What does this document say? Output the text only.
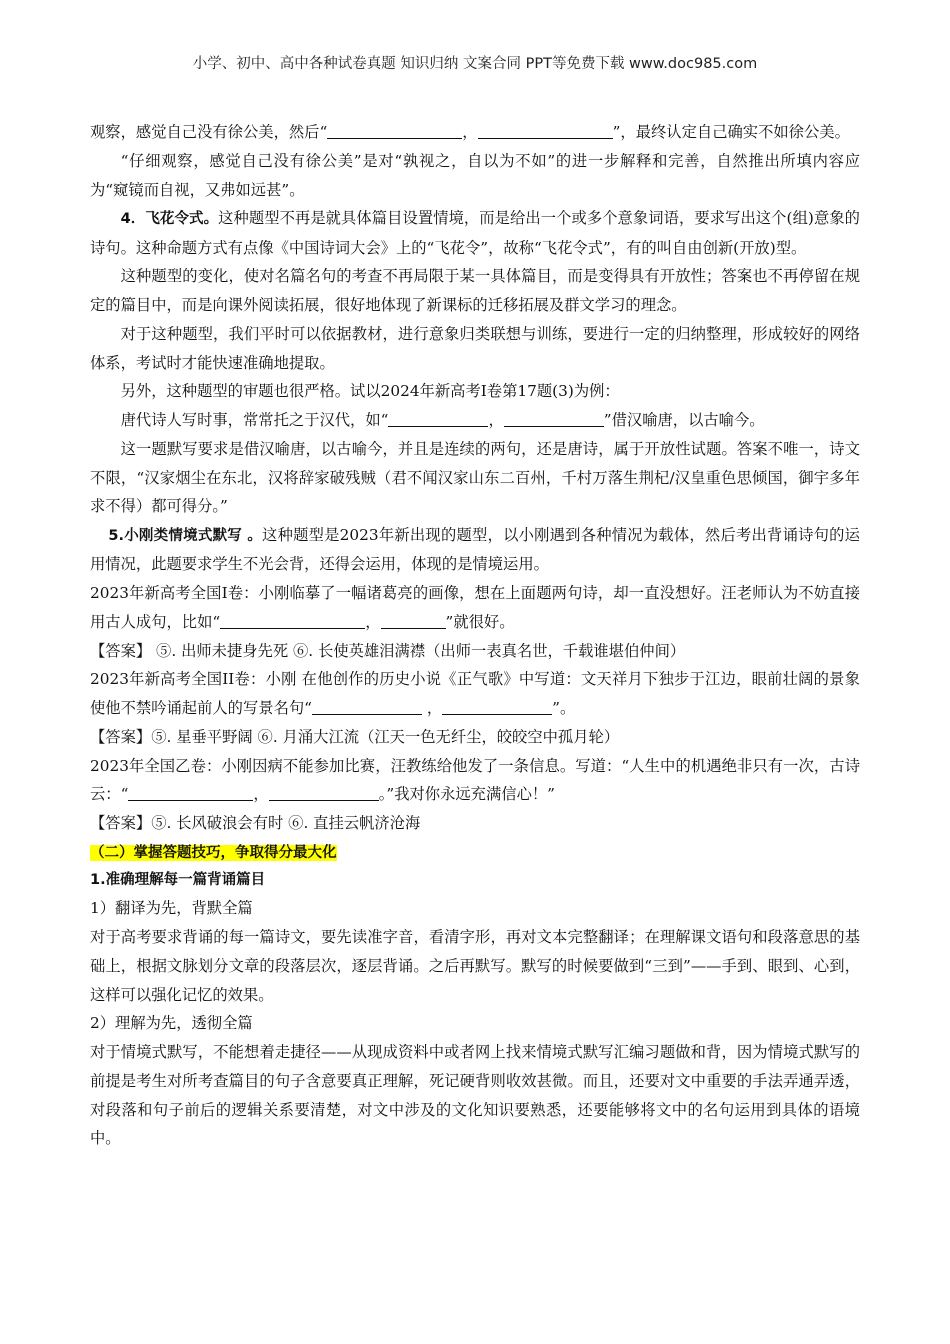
小学、初中、高中各种试卷真题 知识归纳 文案合同 PPT等免费下载 www.doc985.com

观察，感觉自己没有徐公美，然后“	，	”，最终认定自己确实不如徐公美。

“仔细观察，感觉自己没有徐公美”是对“孰视之，自以为不如”的进一步解释和完善，自然推出所填内容应为“窥镜而自视，又弗如远甚”。

4．飞花令式。这种题型不再是就具体篇目设置情境，而是给出一个或多个意象词语，要求写出这个(组)意象的诗句。这种命题方式有点像《中国诗词大会》上的“飞花令”，故称“飞花令式”，有的叫自由创新(开放)型。

这种题型的变化，使对名篇名句的考查不再局限于某一具体篇目，而是变得具有开放性；答案也不再停留在规定的篇目中，而是向课外阅读拓展，很好地体现了新课标的迁移拓展及群文学习的理念。

对于这种题型，我们平时可以依据教材，进行意象归类联想与训练，要进行一定的归纳整理，形成较好的网络体系，考试时才能快速准确地提取。

另外，这种题型的审题也很严格。试以2024年新高考Ⅰ卷第17题(3)为例：

唐代诗人写时事，常常托之于汉代，如“	，	”借汉喻唐，以古喻今。

这一题默写要求是借汉喻唐，以古喻今，并且是连续的两句，还是唐诗，属于开放性试题。答案不唯一，诗文不限，“汉家烟尘在东北，汉将辞家破残贼（君不闻汉家山东二百州，千村万落生荆杞/汉皇重色思倾国，御宇多年求不得）都可得分。”

5.小刚类情境式默写 。这种题型是2023年新出现的题型，以小刚遇到各种情况为载体，然后考出背诵诗句的运用情况，此题要求学生不光会背，还得会运用，体现的是情境运用。

2023年新高考全国Ⅰ卷：小刚临摹了一幅诸葛亮的画像，想在上面题两句诗，却一直没想好。汪老师认为不妨直接用古人成句，比如“	，	”就很好。

【答案】 ⑤. 出师未捷身先死 ⑥. 长使英雄泪满襟（出师一表真名世，千载谁堪伯仲间）

2023年新高考全国II卷：小刚 在他创作的历史小说《正气歌》中写道：文天祥月下独步于江边，眼前壮阔的景象使他不禁吟诵起前人的写景名句“	，	”。

【答案】⑤. 星垂平野阔 ⑥. 月涌大江流（江天一色无纤尘，皎皎空中孤月轮）

2023年全国乙卷：小刚因病不能参加比赛，汪教练给他发了一条信息。写道：“人生中的机遇绝非只有一次，古诗云：“	，	。”我对你永远充满信心！”

【答案】⑤. 长风破浪会有时 ⑥. 直挂云帆济沧海

（二）掌握答题技巧，争取得分最大化

1.准确理解每一篇背诵篇目

1）翻译为先，背默全篇

对于高考要求背诵的每一篇诗文，要先读准字音，看清字形，再对文本完整翻译；在理解课文语句和段落意思的基础上，根据文脉划分文章的段落层次，逐层背诵。之后再默写。默写的时候要做到“三到”——手到、眼到、心到，这样可以强化记忆的效果。

2）理解为先，透彻全篇

对于情境式默写，不能想着走捷径——从现成资料中或者网上找来情境式默写汇编习题做和背，因为情境式默写的前提是考生对所考查篇目的句子含意要真正理解，死记硬背则收效甚微。而且，还要对文中重要的手法弄通弄透，对段落和句子前后的逻辑关系要清楚，对文中涉及的文化知识要熟悉，还要能够将文中的名句运用到具体的语境中。
